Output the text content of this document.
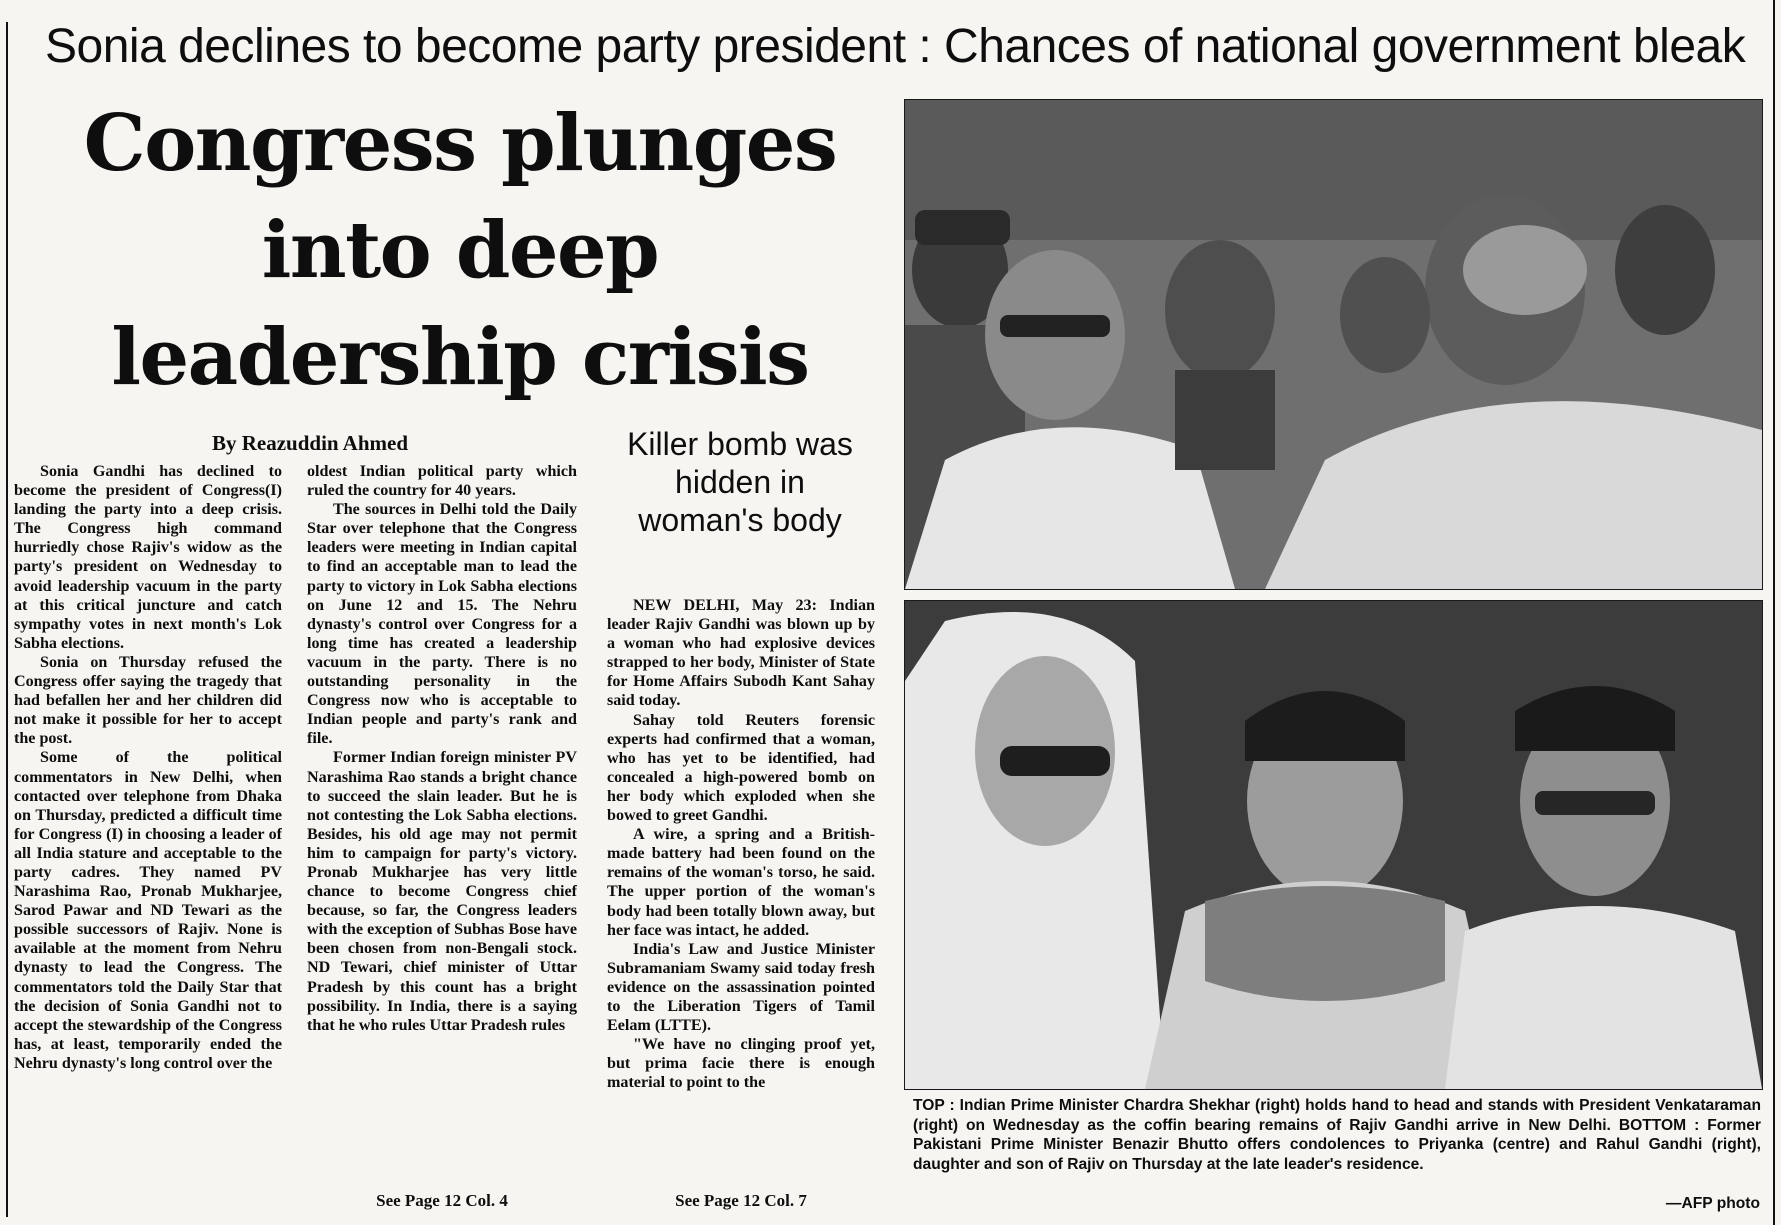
Sonia declines to become party president : Chances of national government bleak
Congress plunges
into deep
leadership crisis
By Reazuddin Ahmed

Sonia Gandhi has declined to become the president of Congress(I) landing the party into a deep crisis. The Congress high command hurriedly chose Rajiv's widow as the party's president on Wednesday to avoid leadership vacuum in the party at this critical juncture and catch sympathy votes in next month's Lok Sabha elections.

Sonia on Thursday refused the Congress offer saying the tragedy that had befallen her and her children did not make it possible for her to accept the post.

Some of the political commentators in New Delhi, when contacted over telephone from Dhaka on Thursday, predicted a difficult time for Congress (I) in choosing a leader of all India stature and acceptable to the party cadres. They named PV Narashima Rao, Pronab Mukharjee, Sarod Pawar and ND Tewari as the possible successors of Rajiv. None is available at the moment from Nehru dynasty to lead the Congress. The commentators told the Daily Star that the decision of Sonia Gandhi not to accept the stewardship of the Congress has, at least, temporarily ended the Nehru dynasty's long control over the

oldest Indian political party which ruled the country for 40 years.

The sources in Delhi told the Daily Star over telephone that the Congress leaders were meeting in Indian capital to find an acceptable man to lead the party to victory in Lok Sabha elections on June 12 and 15. The Nehru dynasty's control over Congress for a long time has created a leadership vacuum in the party. There is no outstanding personality in the Congress now who is acceptable to Indian people and party's rank and file.

Former Indian foreign minister PV Narashima Rao stands a bright chance to succeed the slain leader. But he is not contesting the Lok Sabha elections. Besides, his old age may not permit him to campaign for party's victory. Pronab Mukharjee has very little chance to become Congress chief because, so far, the Congress leaders with the exception of Subhas Bose have been chosen from non-Bengali stock. ND Tewari, chief minister of Uttar Pradesh by this count has a bright possibility. In India, there is a saying that he who rules Uttar Pradesh rules

See Page 12 Col. 4
Killer bomb was hidden in woman's body

NEW DELHI, May 23: Indian leader Rajiv Gandhi was blown up by a woman who had explosive devices strapped to her body, Minister of State for Home Affairs Subodh Kant Sahay said today.

Sahay told Reuters forensic experts had confirmed that a woman, who has yet to be identified, had concealed a high-powered bomb on her body which exploded when she bowed to greet Gandhi.

A wire, a spring and a British-made battery had been found on the remains of the woman's torso, he said. The upper portion of the woman's body had been totally blown away, but her face was intact, he added.

India's Law and Justice Minister Subramaniam Swamy said today fresh evidence on the assassination pointed to the Liberation Tigers of Tamil Eelam (LTTE).

"We have no clinging proof yet, but prima facie there is enough material to point to the

See Page 12 Col. 7
TOP : Indian Prime Minister Chardra Shekhar (right) holds hand to head and stands with President Venkataraman (right) on Wednesday as the coffin bearing remains of Rajiv Gandhi arrive in New Delhi. BOTTOM : Former Pakistani Prime Minister Benazir Bhutto offers condolences to Priyanka (centre) and Rahul Gandhi (right), daughter and son of Rajiv on Thursday at the late leader's residence.
—AFP photo
